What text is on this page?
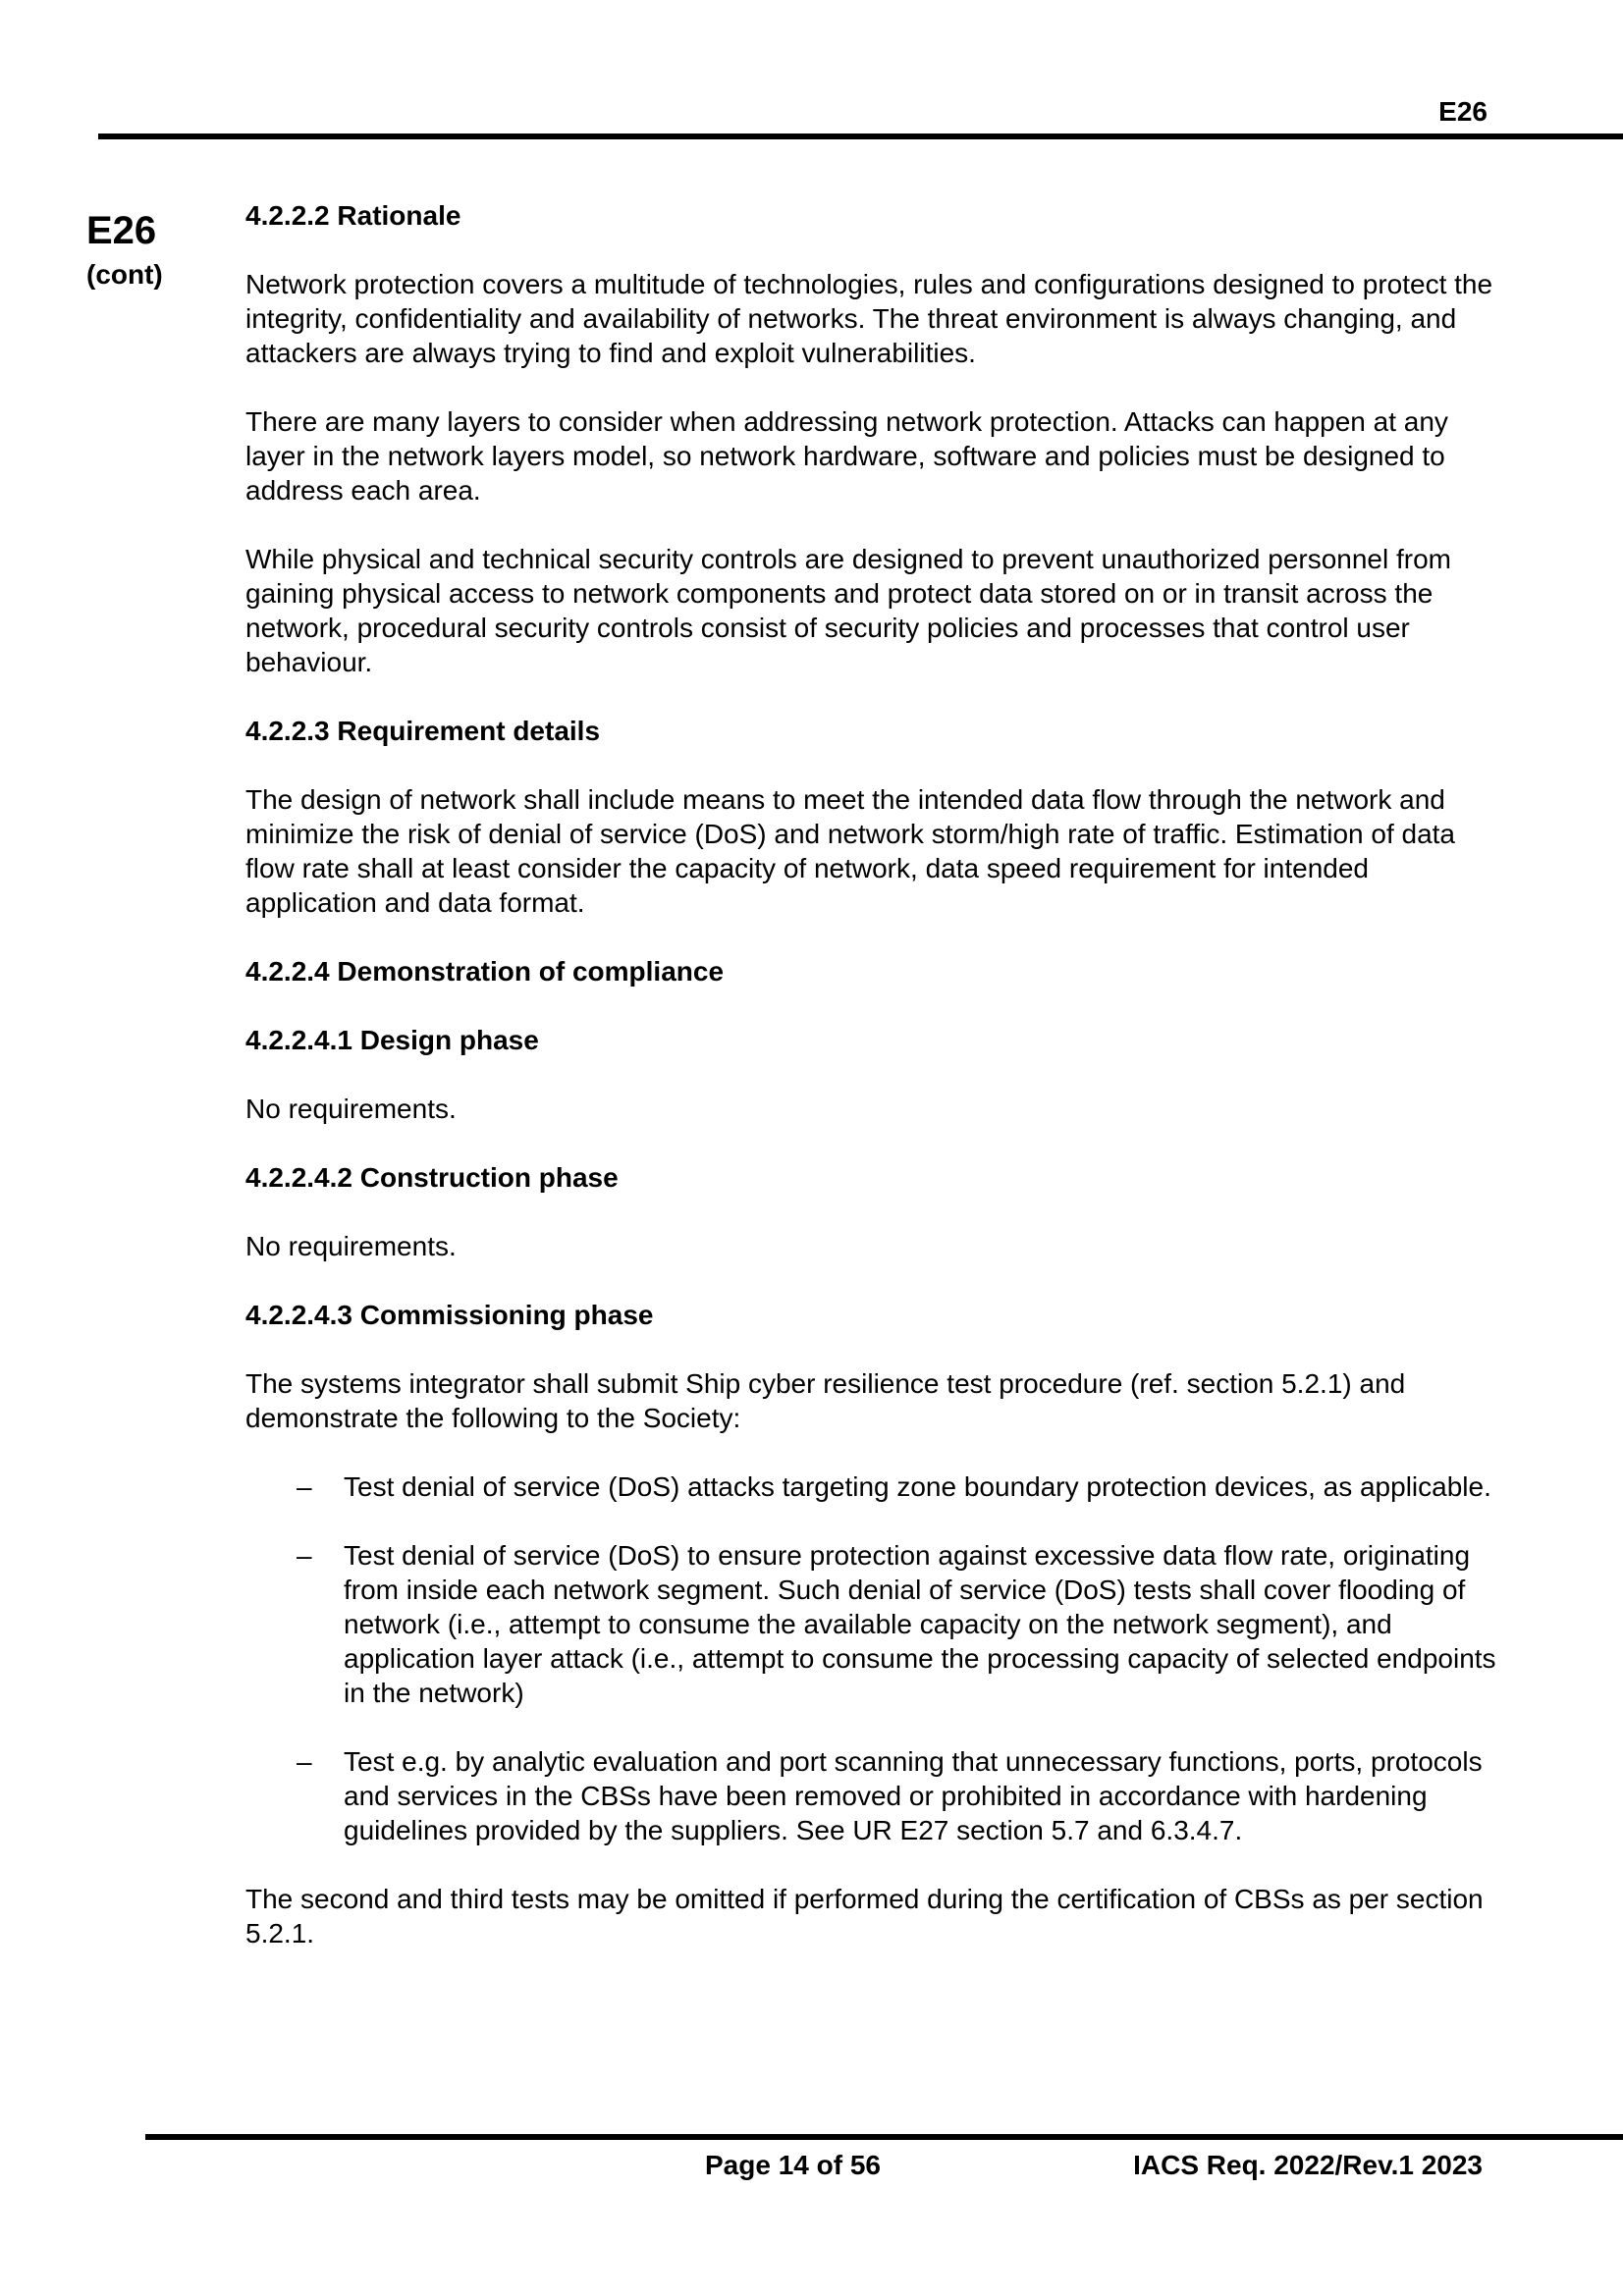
E26
E26
(cont)
4.2.2.2 Rationale

Network protection covers a multitude of technologies, rules and configurations designed to protect the integrity, confidentiality and availability of networks. The threat environment is always changing, and attackers are always trying to find and exploit vulnerabilities.

There are many layers to consider when addressing network protection. Attacks can happen at any layer in the network layers model, so network hardware, software and policies must be designed to address each area.

While physical and technical security controls are designed to prevent unauthorized personnel from gaining physical access to network components and protect data stored on or in transit across the network, procedural security controls consist of security policies and processes that control user behaviour.

4.2.2.3 Requirement details

The design of network shall include means to meet the intended data flow through the network and minimize the risk of denial of service (DoS) and network storm/high rate of traffic. Estimation of data flow rate shall at least consider the capacity of network, data speed requirement for intended application and data format.

4.2.2.4 Demonstration of compliance
4.2.2.4.1 Design phase

No requirements.

4.2.2.4.2 Construction phase

No requirements.

4.2.2.4.3 Commissioning phase

The systems integrator shall submit Ship cyber resilience test procedure (ref. section 5.2.1) and demonstrate the following to the Society:

– Test denial of service (DoS) attacks targeting zone boundary protection devices, as applicable.
– Test denial of service (DoS) to ensure protection against excessive data flow rate, originating from inside each network segment. Such denial of service (DoS) tests shall cover flooding of network (i.e., attempt to consume the available capacity on the network segment), and application layer attack (i.e., attempt to consume the processing capacity of selected endpoints in the network)
– Test e.g. by analytic evaluation and port scanning that unnecessary functions, ports, protocols and services in the CBSs have been removed or prohibited in accordance with hardening guidelines provided by the suppliers. See UR E27 section 5.7 and 6.3.4.7.

The second and third tests may be omitted if performed during the certification of CBSs as per section 5.2.1.

Page 14 of 56	IACS Req. 2022/Rev.1 2023
